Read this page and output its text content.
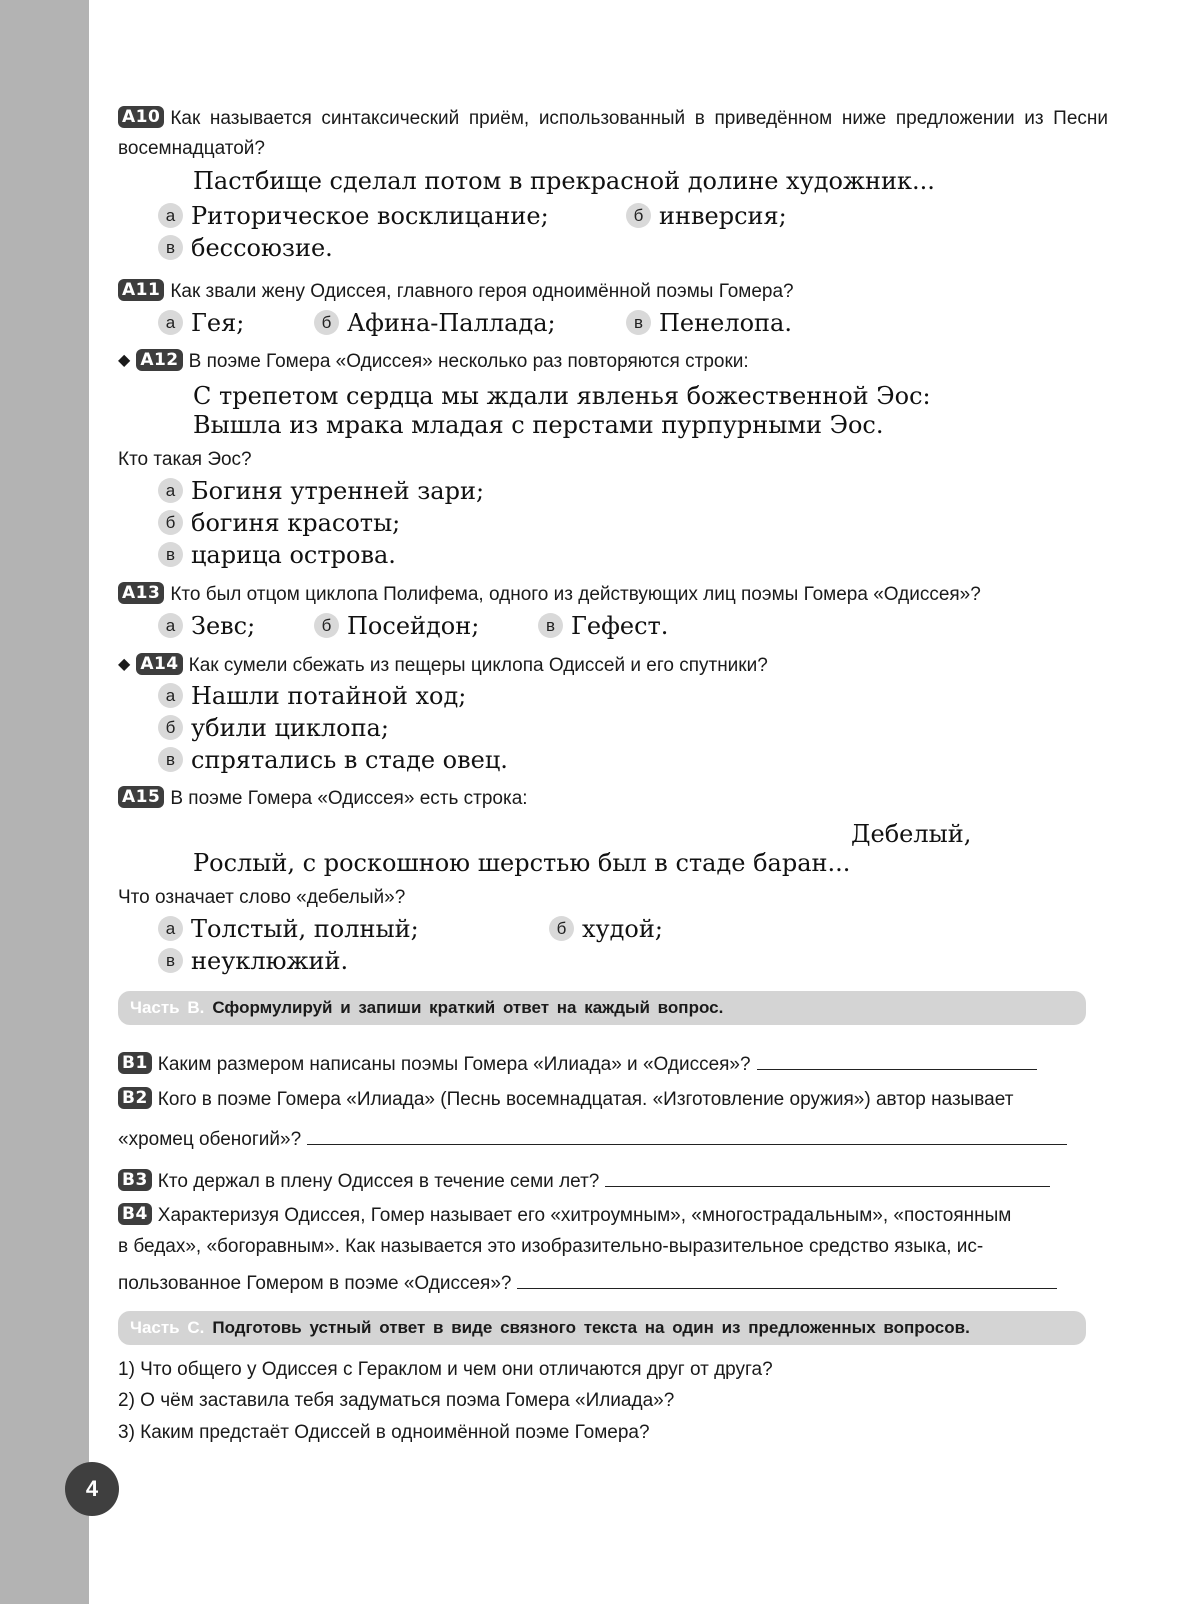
4
A10 Как называется синтаксический приём, использованный в приведённом ниже предложении из Песни восемнадцатой?
Пастбище сделал потом в прекрасной долине художник...
а Риторическое восклицание;	б инверсия;
в бессоюзие.
A11 Как звали жену Одиссея, главного героя одноимённой поэмы Гомера?
а Гея;	б Афина-Паллада;	в Пенелопа.
◆ A12 В поэме Гомера «Одиссея» несколько раз повторяются строки:
С трепетом сердца мы ждали явленья божественной Эос:
Вышла из мрака младая с перстами пурпурными Эос.
Кто такая Эос?
а Богиня утренней зари;
б богиня красоты;
в царица острова.
A13 Кто был отцом циклопа Полифема, одного из действующих лиц поэмы Гомера «Одиссея»?
а Зевс;	б Посейдон;	в Гефест.
◆ A14 Как сумели сбежать из пещеры циклопа Одиссей и его спутники?
а Нашли потайной ход;
б убили циклопа;
в спрятались в стаде овец.
A15 В поэме Гомера «Одиссея» есть строка:
Дебелый,
Рослый, с роскошною шерстью был в стаде баран...
Что означает слово «дебелый»?
а Толстый, полный;	б худой;
в неуклюжий.
Часть B. Сформулируй и запиши краткий ответ на каждый вопрос.
B1 Каким размером написаны поэмы Гомера «Илиада» и «Одиссея»?
B2 Кого в поэме Гомера «Илиада» (Песнь восемнадцатая. «Изготовление оружия») автор называет
«хромец обеногий»?
B3 Кто держал в плену Одиссея в течение семи лет?
B4 Характеризуя Одиссея, Гомер называет его «хитроумным», «многострадальным», «постоянным
в бедах», «богоравным». Как называется это изобразительно-выразительное средство языка, ис-
пользованное Гомером в поэме «Одиссея»?
Часть C. Подготовь устный ответ в виде связного текста на один из предложенных вопросов.
1) Что общего у Одиссея с Гераклом и чем они отличаются друг от друга?
2) О чём заставила тебя задуматься поэма Гомера «Илиада»?
3) Каким предстаёт Одиссей в одноимённой поэме Гомера?
